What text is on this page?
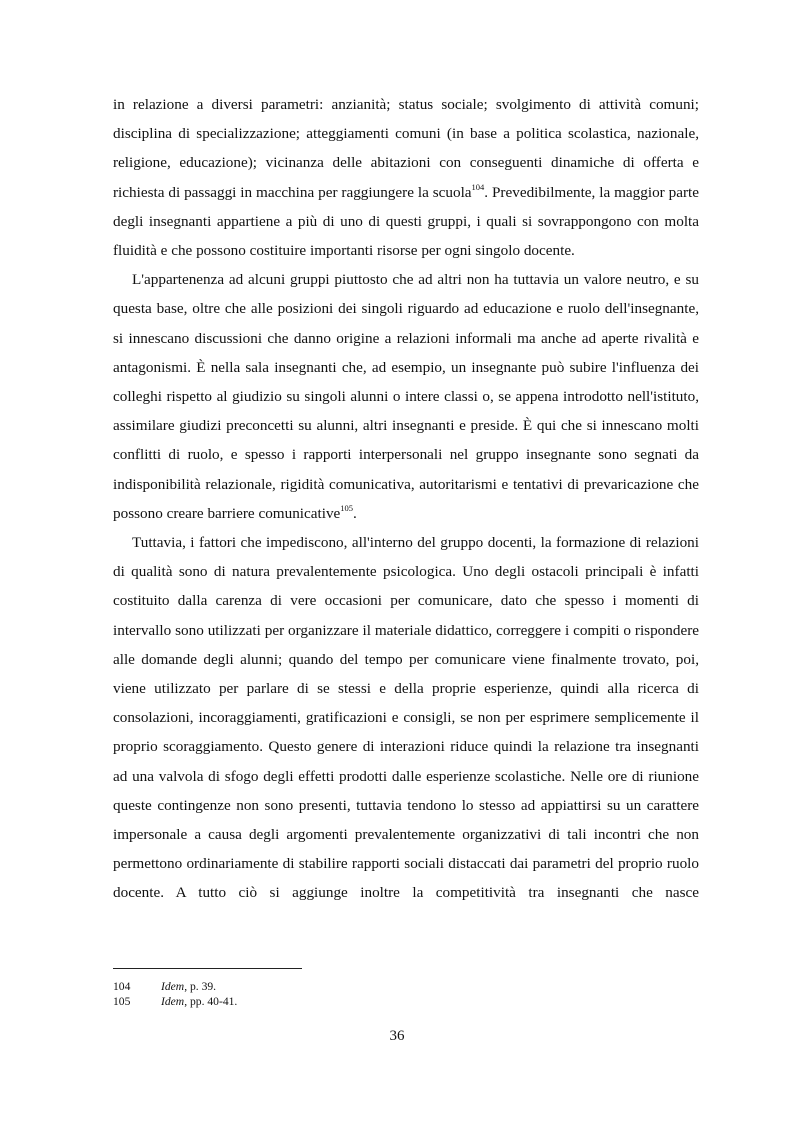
in relazione a diversi parametri: anzianità; status sociale; svolgimento di attività comuni; disciplina di specializzazione; atteggiamenti comuni (in base a politica scolastica, nazionale, religione, educazione); vicinanza delle abitazioni con conseguenti dinamiche di offerta e richiesta di passaggi in macchina per raggiungere la scuola$^{104}$. Prevedibilmente, la maggior parte degli insegnanti appartiene a più di uno di questi gruppi, i quali si sovrappongono con molta fluidità e che possono costituire importanti risorse per ogni singolo docente.

L'appartenenza ad alcuni gruppi piuttosto che ad altri non ha tuttavia un valore neutro, e su questa base, oltre che alle posizioni dei singoli riguardo ad educazione e ruolo dell'insegnante, si innescano discussioni che danno origine a relazioni informali ma anche ad aperte rivalità e antagonismi. È nella sala insegnanti che, ad esempio, un insegnante può subire l'influenza dei colleghi rispetto al giudizio su singoli alunni o intere classi o, se appena introdotto nell'istituto, assimilare giudizi preconcetti su alunni, altri insegnanti e preside. È qui che si innescano molti conflitti di ruolo, e spesso i rapporti interpersonali nel gruppo insegnante sono segnati da indisponibilità relazionale, rigidità comunicativa, autoritarismi e tentativi di prevaricazione che possono creare barriere comunicative$^{105}$.

Tuttavia, i fattori che impediscono, all'interno del gruppo docenti, la formazione di relazioni di qualità sono di natura prevalentemente psicologica. Uno degli ostacoli principali è infatti costituito dalla carenza di vere occasioni per comunicare, dato che spesso i momenti di intervallo sono utilizzati per organizzare il materiale didattico, correggere i compiti o rispondere alle domande degli alunni; quando del tempo per comunicare viene finalmente trovato, poi, viene utilizzato per parlare di se stessi e della proprie esperienze, quindi alla ricerca di consolazioni, incoraggiamenti, gratificazioni e consigli, se non per esprimere semplicemente il proprio scoraggiamento. Questo genere di interazioni riduce quindi la relazione tra insegnanti ad una valvola di sfogo degli effetti prodotti dalle esperienze scolastiche. Nelle ore di riunione queste contingenze non sono presenti, tuttavia tendono lo stesso ad appiattirsi su un carattere impersonale a causa degli argomenti prevalentemente organizzativi di tali incontri che non permettono ordinariamente di stabilire rapporti sociali distaccati dai parametri del proprio ruolo docente. A tutto ciò si aggiunge inoltre la competitività tra insegnanti che nasce

104	Idem, p. 39.
105	Idem, pp. 40-41.
36
